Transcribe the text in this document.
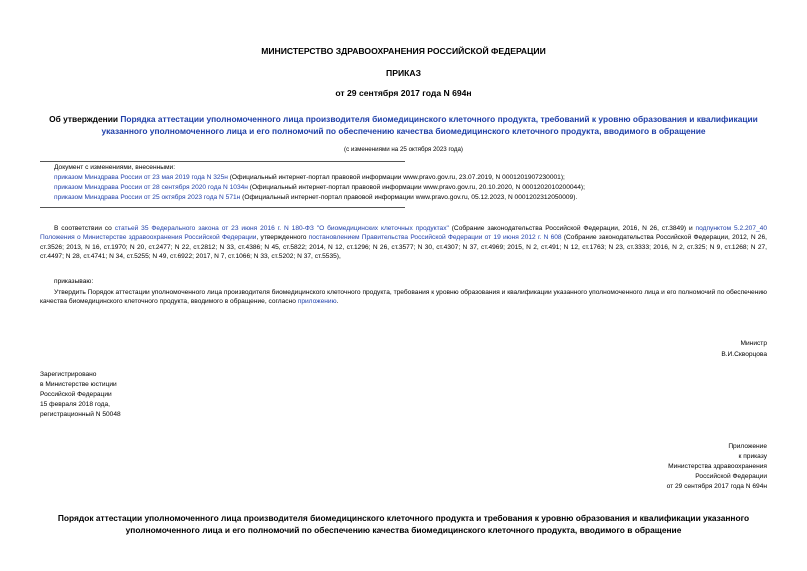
МИНИСТЕРСТВО ЗДРАВООХРАНЕНИЯ РОССИЙСКОЙ ФЕДЕРАЦИИ
ПРИКАЗ
от 29 сентября 2017 года N 694н
Об утверждении Порядка аттестации уполномоченного лица производителя биомедицинского клеточного продукта, требований к уровню образования и квалификации указанного уполномоченного лица и его полномочий по обеспечению качества биомедицинского клеточного продукта, вводимого в обращение
(с изменениями на 25 октября 2023 года)
Документ с изменениями, внесенными:
приказом Минздрава России от 23 мая 2019 года N 325н (Официальный интернет-портал правовой информации www.pravo.gov.ru, 23.07.2019, N 0001201907230001);
приказом Минздрава России от 28 сентября 2020 года N 1034н (Официальный интернет-портал правовой информации www.pravo.gov.ru, 20.10.2020, N 0001202010200044);
приказом Минздрава России от 25 октября 2023 года N 571н (Официальный интернет-портал правовой информации www.pravo.gov.ru, 05.12.2023, N 0001202312050009).
В соответствии со статьей 35 Федерального закона от 23 июня 2016 г. N 180-ФЗ "О биомедицинских клеточных продуктах" (Собрание законодательства Российской Федерации, 2016, N 26, ст.3849) и подпунктом 5.2.207_40 Положения о Министерстве здравоохранения Российской Федерации, утвержденного постановлением Правительства Российской Федерации от 19 июня 2012 г. N 608 (Собрание законодательства Российской Федерации, 2012, N 26, ст.3526; 2013, N 16, ст.1970; N 20, ст.2477; N 22, ст.2812; N 33, ст.4386; N 45, ст.5822; 2014, N 12, ст.1296; N 26, ст.3577; N 30, ст.4307; N 37, ст.4969; 2015, N 2, ст.491; N 12, ст.1763; N 23, ст.3333; 2016, N 2, ст.325; N 9, ст.1268; N 27, ст.4497; N 28, ст.4741; N 34, ст.5255; N 49, ст.6922; 2017, N 7, ст.1066; N 33, ст.5202; N 37, ст.5535),
приказываю:
Утвердить Порядок аттестации уполномоченного лица производителя биомедицинского клеточного продукта, требования к уровню образования и квалификации указанного уполномоченного лица и его полномочий по обеспечению качества биомедицинского клеточного продукта, вводимого в обращение, согласно приложению.
Министр
В.И.Скворцова
Зарегистрировано
в Министерстве юстиции
Российской Федерации
15 февраля 2018 года,
регистрационный N 50048
Приложение
к приказу
Министерства здравоохранения
Российской Федерации
от 29 сентября 2017 года N 694н
Порядок аттестации уполномоченного лица производителя биомедицинского клеточного продукта и требования к уровню образования и квалификации указанного уполномоченного лица и его полномочий по обеспечению качества биомедицинского клеточного продукта, вводимого в обращение
